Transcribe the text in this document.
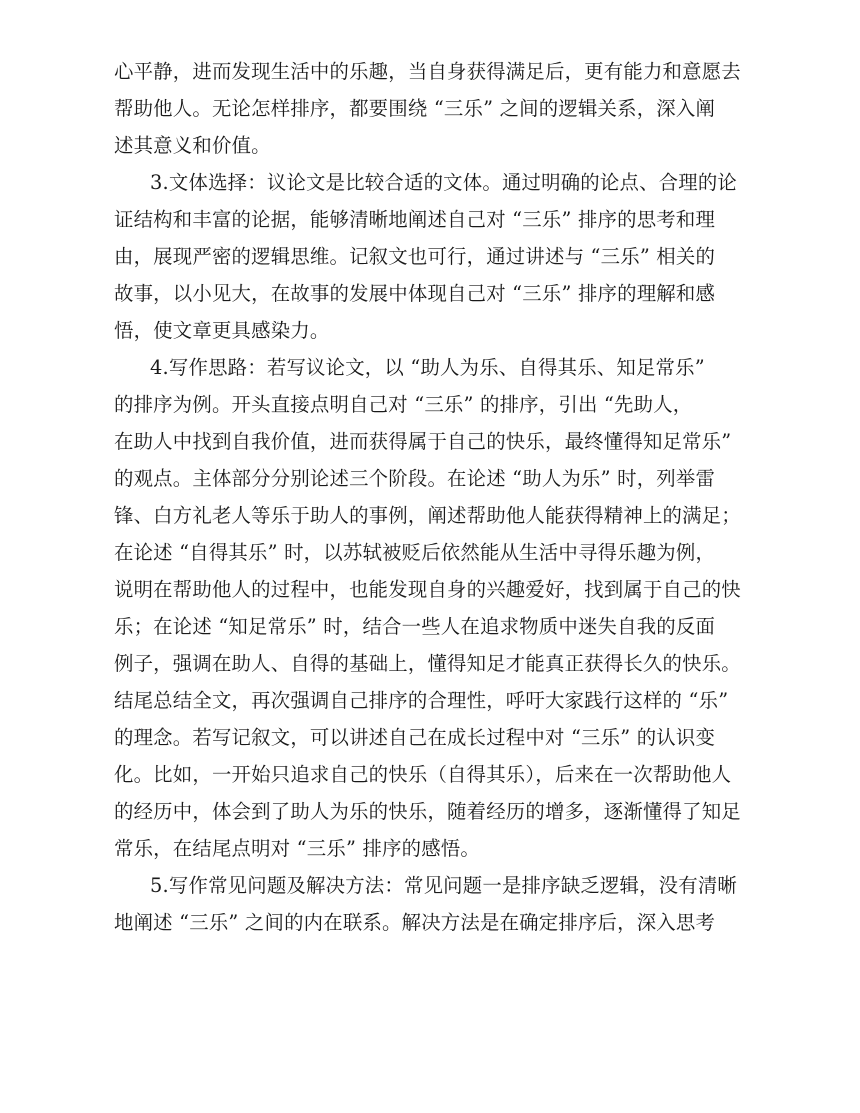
心平静，进而发现生活中的乐趣，当自身获得满足后，更有能力和意愿去
帮助他人。无论怎样排序，都要围绕 “三乐” 之间的逻辑关系，深入阐
述其意义和价值。
3.文体选择：议论文是比较合适的文体。通过明确的论点、合理的论
证结构和丰富的论据，能够清晰地阐述自己对 “三乐” 排序的思考和理
由，展现严密的逻辑思维。记叙文也可行，通过讲述与 “三乐” 相关的
故事，以小见大，在故事的发展中体现自己对 “三乐” 排序的理解和感
悟，使文章更具感染力。
4.写作思路：若写议论文，以 “助人为乐、自得其乐、知足常乐”
的排序为例。开头直接点明自己对 “三乐” 的排序，引出 “先助人，
在助人中找到自我价值，进而获得属于自己的快乐，最终懂得知足常乐”
的观点。主体部分分别论述三个阶段。在论述 “助人为乐” 时，列举雷
锋、白方礼老人等乐于助人的事例，阐述帮助他人能获得精神上的满足；
在论述 “自得其乐” 时，以苏轼被贬后依然能从生活中寻得乐趣为例，
说明在帮助他人的过程中，也能发现自身的兴趣爱好，找到属于自己的快
乐；在论述 “知足常乐” 时，结合一些人在追求物质中迷失自我的反面
例子，强调在助人、自得的基础上，懂得知足才能真正获得长久的快乐。
结尾总结全文，再次强调自己排序的合理性，呼吁大家践行这样的 “乐”
的理念。若写记叙文，可以讲述自己在成长过程中对 “三乐” 的认识变
化。比如，一开始只追求自己的快乐（自得其乐），后来在一次帮助他人
的经历中，体会到了助人为乐的快乐，随着经历的增多，逐渐懂得了知足
常乐，在结尾点明对 “三乐” 排序的感悟。
5.写作常见问题及解决方法：常见问题一是排序缺乏逻辑，没有清晰
地阐述 “三乐” 之间的内在联系。解决方法是在确定排序后，深入思考
